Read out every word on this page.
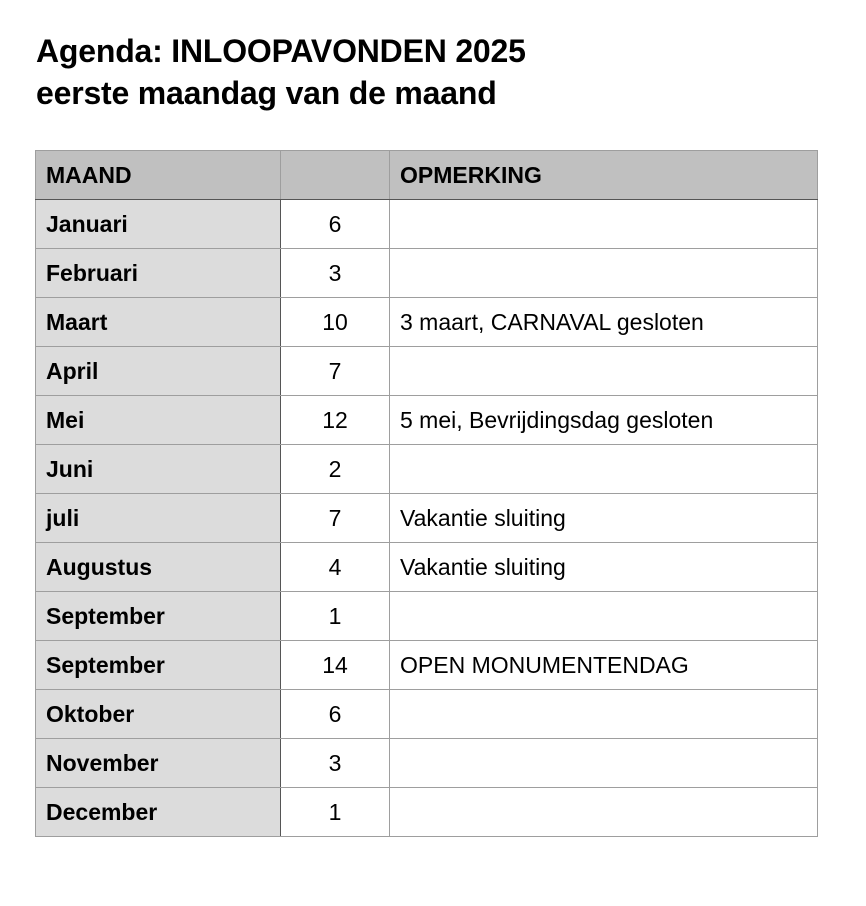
Agenda: INLOOPAVONDEN 2025
eerste maandag van de maand
MAAND		OPMERKING
Januari	6	
Februari	3	
Maart	10	3 maart, CARNAVAL gesloten
April	7	
Mei	12	5 mei, Bevrijdingsdag gesloten
Juni	2	
juli	7	Vakantie sluiting
Augustus	4	Vakantie sluiting
September	1	
September	14	OPEN MONUMENTENDAG
Oktober	6	
November	3	
December	1	
